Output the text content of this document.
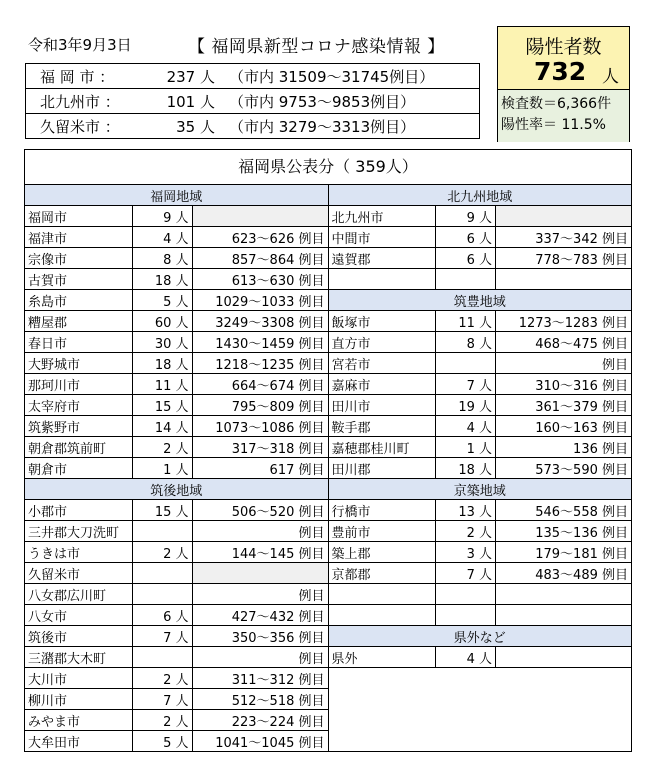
令和3年9月3日	【 福岡県新型コロナ感染情報 】	陽性者数
732 人
検査数＝6,366件
陽性率＝ 11.5%
福 岡 市 ：	237 人	（市内 31509～31745例目）
北九州市 ：	101 人	（市内 9753～9853例目）
久留米市 ：	35 人	（市内 3279～3313例目）
福岡県公表分（ 359人）
福岡地域		
福岡市	9 人	
福津市	4 人	623～626 例目
宗像市	8 人	857～864 例目
古賀市	18 人	613～630 例目
糸島市	5 人	1029～1033 例目
糟屋郡	60 人	3249～3308 例目
春日市	30 人	1430～1459 例目
大野城市	18 人	1218～1235 例目
那珂川市	11 人	664～674 例目
太宰府市	15 人	795～809 例目
筑紫野市	14 人	1073～1086 例目
朝倉郡筑前町	2 人	317～318 例目
朝倉市	1 人	617 例目
筑後地域		
小郡市	15 人	506～520 例目
三井郡大刀洗町		例目
うきは市	2 人	144～145 例目
久留米市		
八女郡広川町		例目
八女市	6 人	427～432 例目
筑後市	7 人	350～356 例目
三潴郡大木町		例目
大川市	2 人	311～312 例目
柳川市	7 人	512～518 例目
みやま市	2 人	223～224 例目
大牟田市	5 人	1041～1045 例目
北九州地域		
北九州市	9 人	
中間市	6 人	337～342 例目
遠賀郡	6 人	778～783 例目

筑豊地域		
飯塚市	11 人	1273～1283 例目
直方市	8 人	468～475 例目
宮若市		例目
嘉麻市	7 人	310～316 例目
田川市	19 人	361～379 例目
鞍手郡	4 人	160～163 例目
嘉穂郡桂川町	1 人	136 例目
田川郡	18 人	573～590 例目
京築地域		
行橋市	13 人	546～558 例目
豊前市	2 人	135～136 例目
築上郡	3 人	179～181 例目
京都郡	7 人	483～489 例目

県外など		
県外	4 人	
